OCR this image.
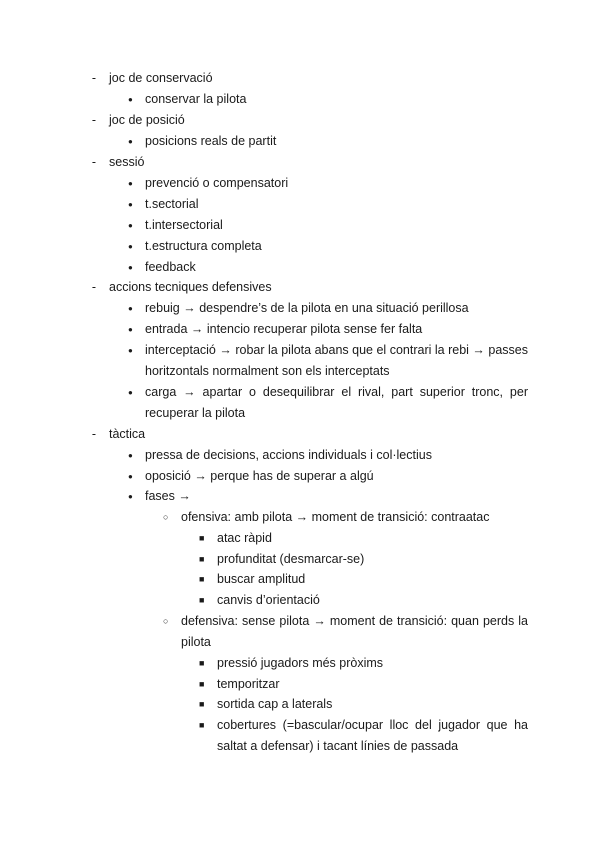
- joc de conservació
● conservar la pilota
- joc de posició
● posicions reals de partit
- sessió
● prevenció o compensatori
● t.sectorial
● t.intersectorial
● t.estructura completa
● feedback
- accions tecniques defensives
● rebuig → despendre’s de la pilota en una situació perillosa
● entrada → intencio recuperar pilota sense fer falta
● interceptació → robar la pilota abans que el contrari la rebi → passes horitzontals normalment son els interceptats
● carga → apartar o desequilibrar el rival, part superior tronc, per recuperar la pilota
- tàctica
● pressa de decisions, accions individuals i col·lectius
● oposició → perque has de superar a algú
● fases →
○ ofensiva: amb pilota → moment de transició: contraatac
■ atac ràpid
■ profunditat (desmarcar-se)
■ buscar amplitud
■ canvis d’orientació
○ defensiva: sense pilota → moment de transició: quan perds la pilota
■ pressió jugadors més pròxims
■ temporitzar
■ sortida cap a laterals
■ cobertures (=bascular/ocupar lloc del jugador que ha saltat a defensar) i tacant línies de passada
